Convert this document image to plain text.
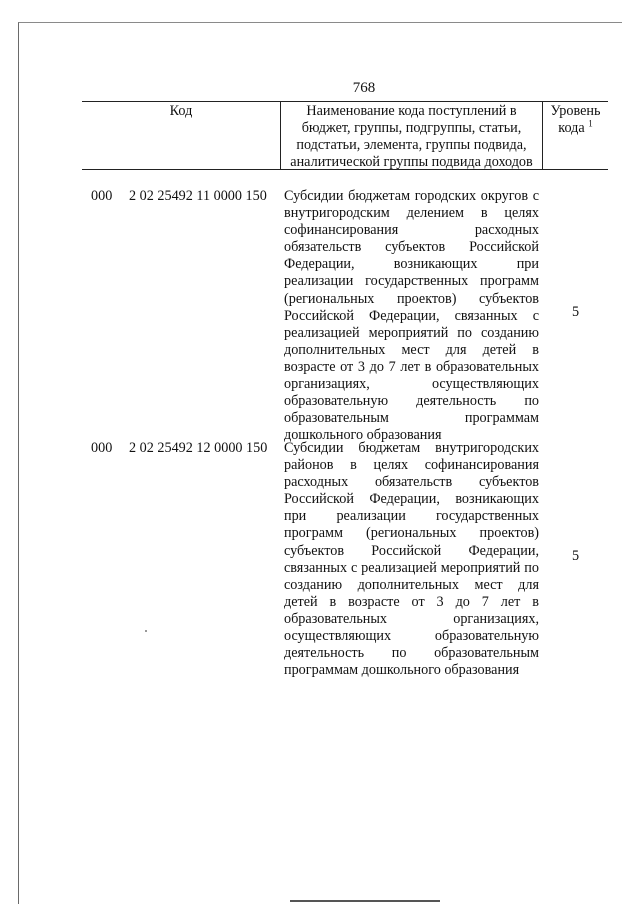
768
Код	Наименование кода поступлений в бюджет, группы, подгруппы, статьи, подстатьи, элемента, группы подвида, аналитической группы подвида доходов
Уровень кода $^1$
000 2 02 25492 11 0000 150 Субсидии бюджетам городских округов с внутригородским делением в целях софинансирования расходных обязательств субъектов Российской Федерации, возникающих при реализации государственных программ (региональных проектов) субъектов Российской Федерации, связанных с реализацией мероприятий по созданию дополнительных мест для детей в возрасте от 3 до 7 лет в образовательных организациях, осуществляющих образовательную деятельность по образовательным программам дошкольного образования
5
000 2 02 25492 12 0000 150 Субсидии бюджетам внутригородских районов в целях софинансирования расходных обязательств субъектов Российской Федерации, возникающих при реализации государственных программ (региональных проектов) субъектов Российской Федерации, связанных с реализацией мероприятий по созданию дополнительных мест для детей в возрасте от 3 до 7 лет в образовательных организациях, осуществляющих образовательную деятельность по образовательным программам дошкольного образования
5
